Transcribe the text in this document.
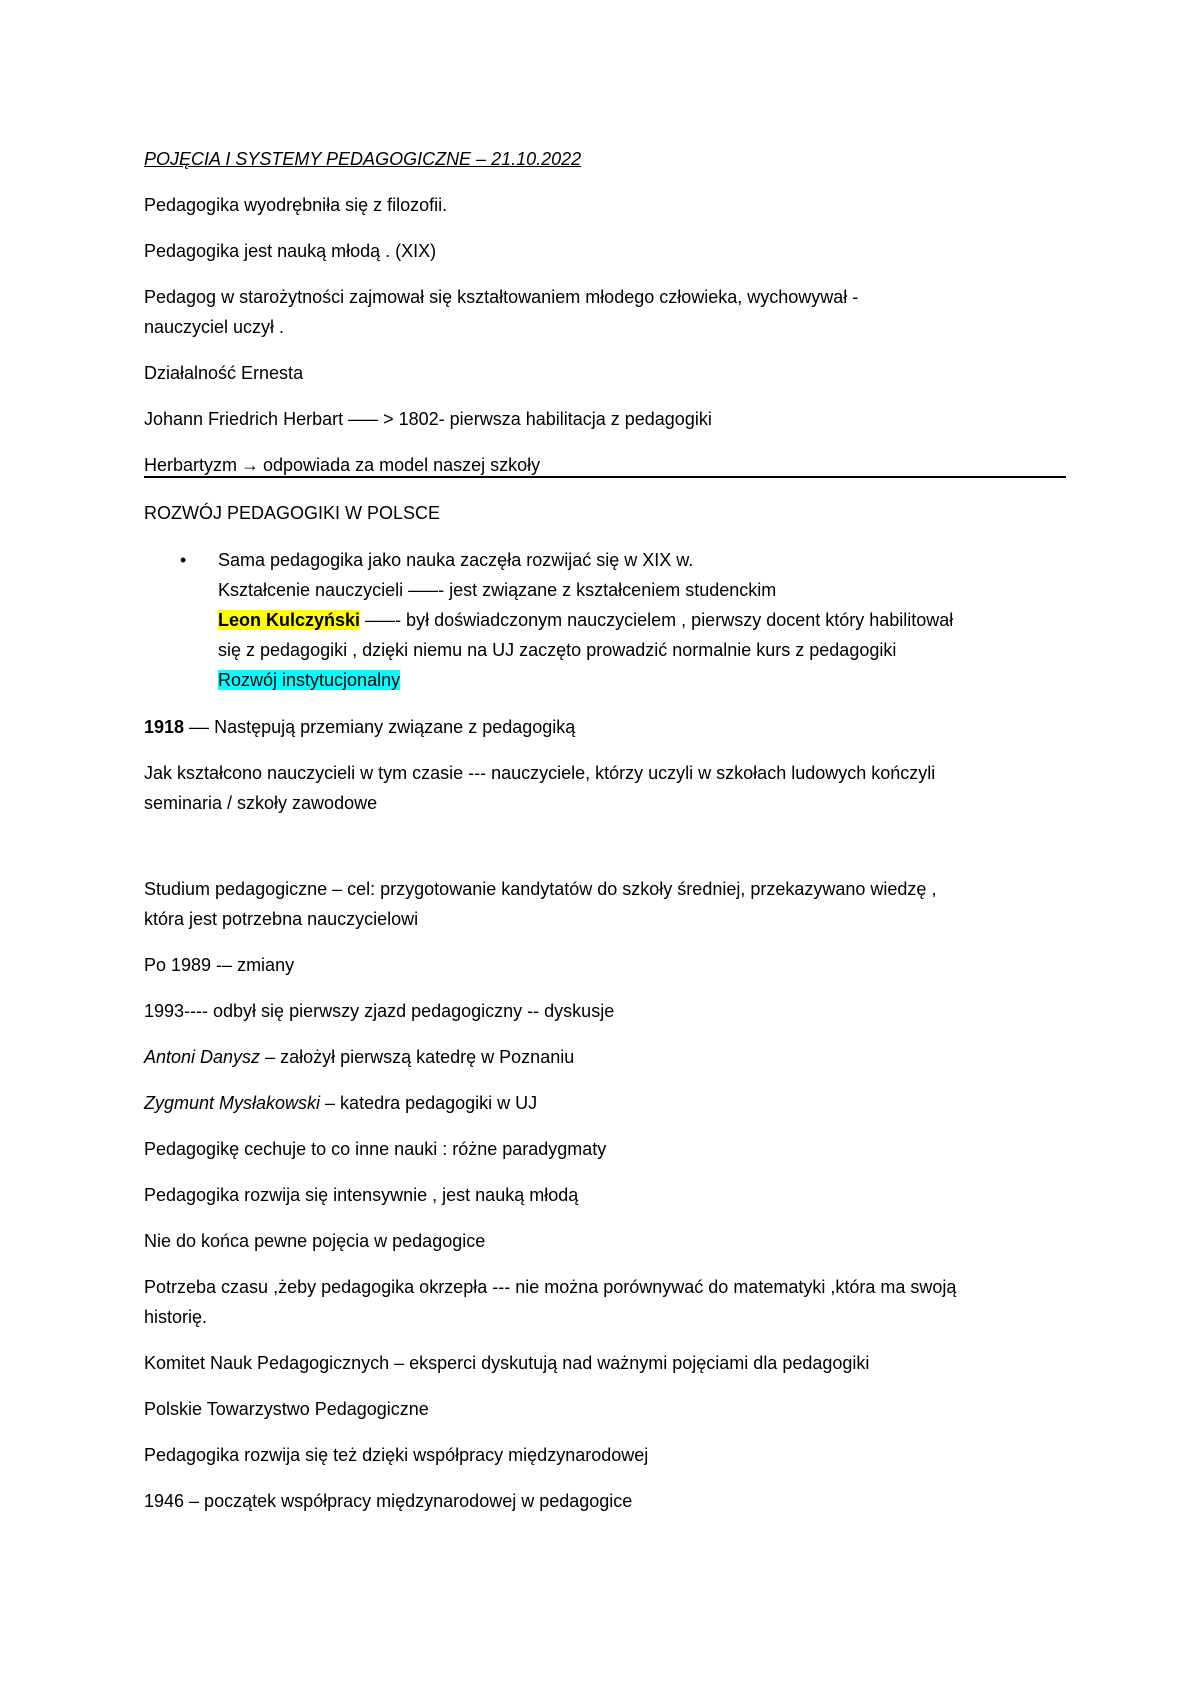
POJĘCIA I SYSTEMY PEDAGOGICZNE – 21.10.2022
Pedagogika wyodrębniła się z filozofii.
Pedagogika jest nauką młodą . (XIX)
Pedagog w starożytności zajmował się kształtowaniem młodego człowieka, wychowywał -
nauczyciel uczył .
Działalność Ernesta
Johann Friedrich Herbart ––– > 1802- pierwsza habilitacja z pedagogiki
Herbartyzm → odpowiada za model naszej szkoły
ROZWÓJ PEDAGOGIKI W POLSCE
• Sama pedagogika jako nauka zaczęła rozwijać się w XIX w.
Kształcenie nauczycieli –––- jest związane z kształceniem studenckim
Leon Kulczyński –––- był doświadczonym nauczycielem , pierwszy docent który habilitował
się z pedagogiki , dzięki niemu na UJ zaczęto prowadzić normalnie kurs z pedagogiki
Rozwój instytucjonalny
1918 –– Następują przemiany związane z pedagogiką
Jak kształcono nauczycieli w tym czasie --- nauczyciele, którzy uczyli w szkołach ludowych kończyli
seminaria / szkoły zawodowe
Studium pedagogiczne – cel: przygotowanie kandytatów do szkoły średniej, przekazywano wiedzę ,
która jest potrzebna nauczycielowi
Po 1989 -– zmiany
1993---- odbył się pierwszy zjazd pedagogiczny -- dyskusje
Antoni Danysz – założył pierwszą katedrę w Poznaniu
Zygmunt Mysłakowski – katedra pedagogiki w UJ
Pedagogikę cechuje to co inne nauki : różne paradygmaty
Pedagogika rozwija się intensywnie , jest nauką młodą
Nie do końca pewne pojęcia w pedagogice
Potrzeba czasu ,żeby pedagogika okrzepła --- nie można porównywać do matematyki ,która ma swoją
historię.
Komitet Nauk Pedagogicznych – eksperci dyskutują nad ważnymi pojęciami dla pedagogiki
Polskie Towarzystwo Pedagogiczne
Pedagogika rozwija się też dzięki współpracy międzynarodowej
1946 – początek współpracy międzynarodowej w pedagogice
